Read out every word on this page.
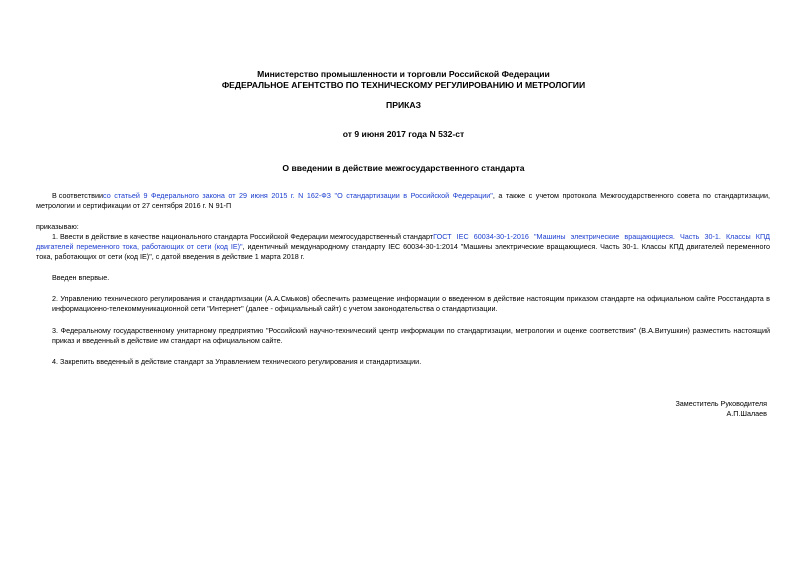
Министерство промышленности и торговли Российской Федерации
ФЕДЕРАЛЬНОЕ АГЕНТСТВО ПО ТЕХНИЧЕСКОМУ РЕГУЛИРОВАНИЮ И МЕТРОЛОГИИ
ПРИКАЗ
от 9 июня 2017 года N 532-ст
О введении в действие межгосударственного стандарта
В соответствиисо статьей 9 Федерального закона от 29 июня 2015 г. N 162-ФЗ "О стандартизации в Российской Федерации", а также с учетом протокола Межгосударственного совета по стандартизации, метрологии и сертификации от 27 сентября 2016 г. N 91-П
приказываю:
1. Ввести в действие в качестве национального стандарта Российской Федерации межгосударственный стандартГОСТ IEC 60034-30-1-2016 "Машины электрические вращающиеся. Часть 30-1. Классы КПД двигателей переменного тока, работающих от сети (код IE)", идентичный международному стандарту IEC 60034-30-1:2014 "Машины электрические вращающиеся. Часть 30-1. Классы КПД двигателей переменного тока, работающих от сети (код IE)", с датой введения в действие 1 марта 2018 г.
Введен впервые.
2. Управлению технического регулирования и стандартизации (А.А.Смыков) обеспечить размещение информации о введенном в действие настоящим приказом стандарте на официальном сайте Росстандарта в информационно-телекоммуникационной сети "Интернет" (далее - официальный сайт) с учетом законодательства о стандартизации.
3. Федеральному государственному унитарному предприятию "Российский научно-технический центр информации по стандартизации, метрологии и оценке соответствия" (В.А.Витушкин) разместить настоящий приказ и введенный в действие им стандарт на официальном сайте.
4. Закрепить введенный в действие стандарт за Управлением технического регулирования и стандартизации.
Заместитель Руководителя
А.П.Шалаев
